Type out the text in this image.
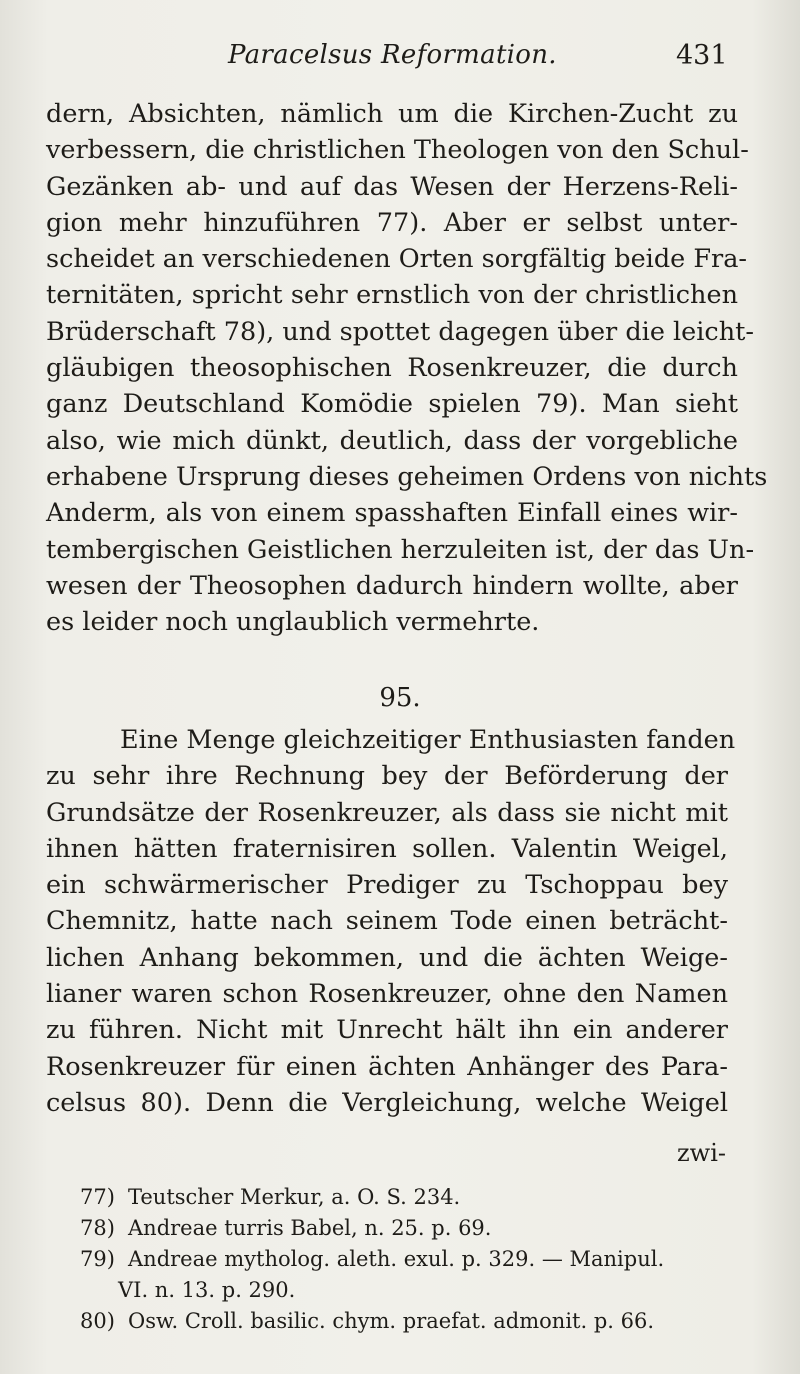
Paracelsus Reformation.	431
dern, Absichten, nämlich um die Kirchen-Zucht zu
verbessern, die christlichen Theologen von den Schul-
Gezänken ab- und auf das Wesen der Herzens-Reli-
gion mehr hinzuführen 77). Aber er selbst unter-
scheidet an verschiedenen Orten sorgfältig beide Fra-
ternitäten, spricht sehr ernstlich von der christlichen
Brüderschaft 78), und spottet dagegen über die leicht-
gläubigen theosophischen Rosenkreuzer, die durch
ganz Deutschland Komödie spielen 79). Man sieht
also, wie mich dünkt, deutlich, dass der vorgebliche
erhabene Ursprung dieses geheimen Ordens von nichts
Anderm, als von einem spasshaften Einfall eines wir-
tembergischen Geistlichen herzuleiten ist, der das Un-
wesen der Theosophen dadurch hindern wollte, aber
es leider noch unglaublich vermehrte.
95.
Eine Menge gleichzeitiger Enthusiasten fanden
zu sehr ihre Rechnung bey der Beförderung der
Grundsätze der Rosenkreuzer, als dass sie nicht mit
ihnen hätten fraternisiren sollen. Valentin Weigel,
ein schwärmerischer Prediger zu Tschoppau bey
Chemnitz, hatte nach seinem Tode einen beträcht-
lichen Anhang bekommen, und die ächten Weige-
lianer waren schon Rosenkreuzer, ohne den Namen
zu führen. Nicht mit Unrecht hält ihn ein anderer
Rosenkreuzer für einen ächten Anhänger des Para-
celsus 80). Denn die Vergleichung, welche Weigel
zwi-
77) Teutscher Merkur, a. O. S. 234.
78) Andreae turris Babel, n. 25. p. 69.
79) Andreae mytholog. aleth. exul. p. 329. — Manipul.
VI. n. 13. p. 290.
80) Osw. Croll. basilic. chym. praefat. admonit. p. 66.
